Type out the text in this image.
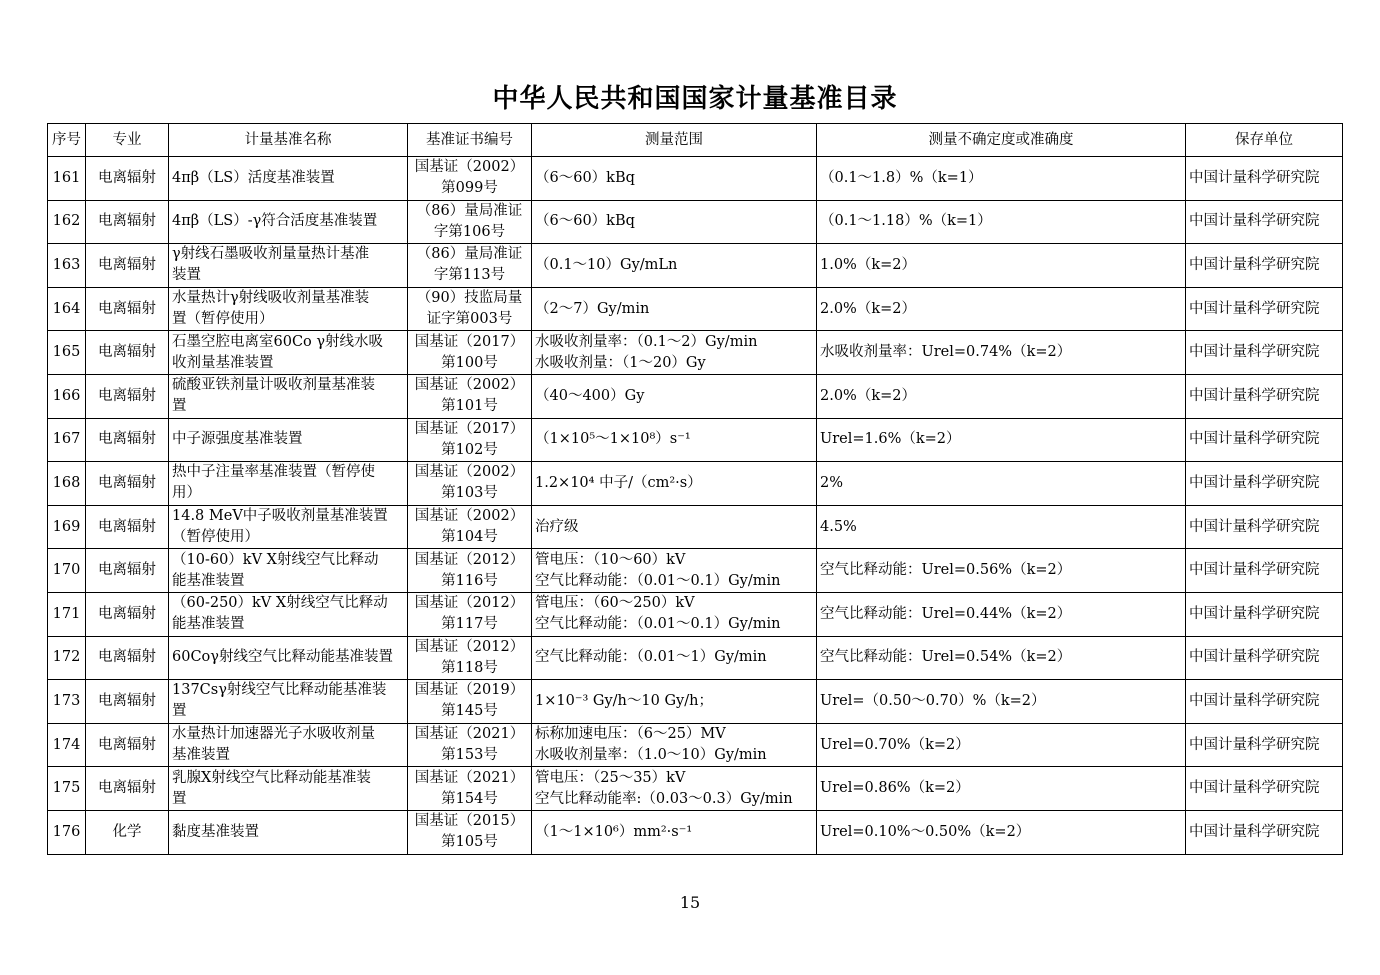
中华人民共和国国家计量基准目录
序号	专业	计量基准名称	基准证书编号	测量范围	测量不确定度或准确度	保存单位
161	电离辐射	4πβ（LS）活度基准装置	国基证（2002）
第099号	（6～60）kBq	（0.1～1.8）%（k=1）	中国计量科学研究院
162	电离辐射	4πβ（LS）-γ符合活度基准装置	（86）量局准证
字第106号	（6～60）kBq	（0.1～1.18）%（k=1）	中国计量科学研究院
163	电离辐射	γ射线石墨吸收剂量量热计基准
装置	（86）量局准证
字第113号	（0.1～10）Gy/mLn	1.0%（k=2）	中国计量科学研究院
164	电离辐射	水量热计γ射线吸收剂量基准装
置（暂停使用）	（90）技监局量
证字第003号	（2～7）Gy/min	2.0%（k=2）	中国计量科学研究院
165	电离辐射	石墨空腔电离室60Co γ射线水吸
收剂量基准装置	国基证（2017）
第100号	水吸收剂量率：（0.1～2）Gy/min
水吸收剂量：（1～20）Gy	水吸收剂量率：Urel=0.74%（k=2）	中国计量科学研究院
166	电离辐射	硫酸亚铁剂量计吸收剂量基准装
置	国基证（2002）
第101号	（40～400）Gy	2.0%（k=2）	中国计量科学研究院
167	电离辐射	中子源强度基准装置	国基证（2017）
第102号	（1×10⁵～1×10⁸）s⁻¹	Urel=1.6%（k=2）	中国计量科学研究院
168	电离辐射	热中子注量率基准装置（暂停使
用）	国基证（2002）
第103号	1.2×10⁴ 中子/（cm²·s）	2%	中国计量科学研究院
169	电离辐射	14.8 MeV中子吸收剂量基准装置
（暂停使用）	国基证（2002）
第104号	治疗级	4.5%	中国计量科学研究院
170	电离辐射	（10-60）kV X射线空气比释动
能基准装置	国基证（2012）
第116号	管电压：（10～60）kV
空气比释动能：（0.01～0.1）Gy/min	空气比释动能：Urel=0.56%（k=2）	中国计量科学研究院
171	电离辐射	（60-250）kV X射线空气比释动
能基准装置	国基证（2012）
第117号	管电压：（60～250）kV
空气比释动能：（0.01～0.1）Gy/min	空气比释动能：Urel=0.44%（k=2）	中国计量科学研究院
172	电离辐射	60Coγ射线空气比释动能基准装置	国基证（2012）
第118号	空气比释动能：（0.01～1）Gy/min	空气比释动能：Urel=0.54%（k=2）	中国计量科学研究院
173	电离辐射	137Csγ射线空气比释动能基准装
置	国基证（2019）
第145号	1×10⁻³ Gy/h～10 Gy/h；	Urel=（0.50～0.70）%（k=2）	中国计量科学研究院
174	电离辐射	水量热计加速器光子水吸收剂量
基准装置	国基证（2021）
第153号	标称加速电压：（6～25）MV
水吸收剂量率：（1.0～10）Gy/min	Urel=0.70%（k=2）	中国计量科学研究院
175	电离辐射	乳腺X射线空气比释动能基准装
置	国基证（2021）
第154号	管电压：（25～35）kV
空气比释动能率:（0.03～0.3）Gy/min	Urel=0.86%（k=2）	中国计量科学研究院
176	化学	黏度基准装置	国基证（2015）
第105号	（1～1×10⁶）mm²·s⁻¹	Urel=0.10%～0.50%（k=2）	中国计量科学研究院
15
